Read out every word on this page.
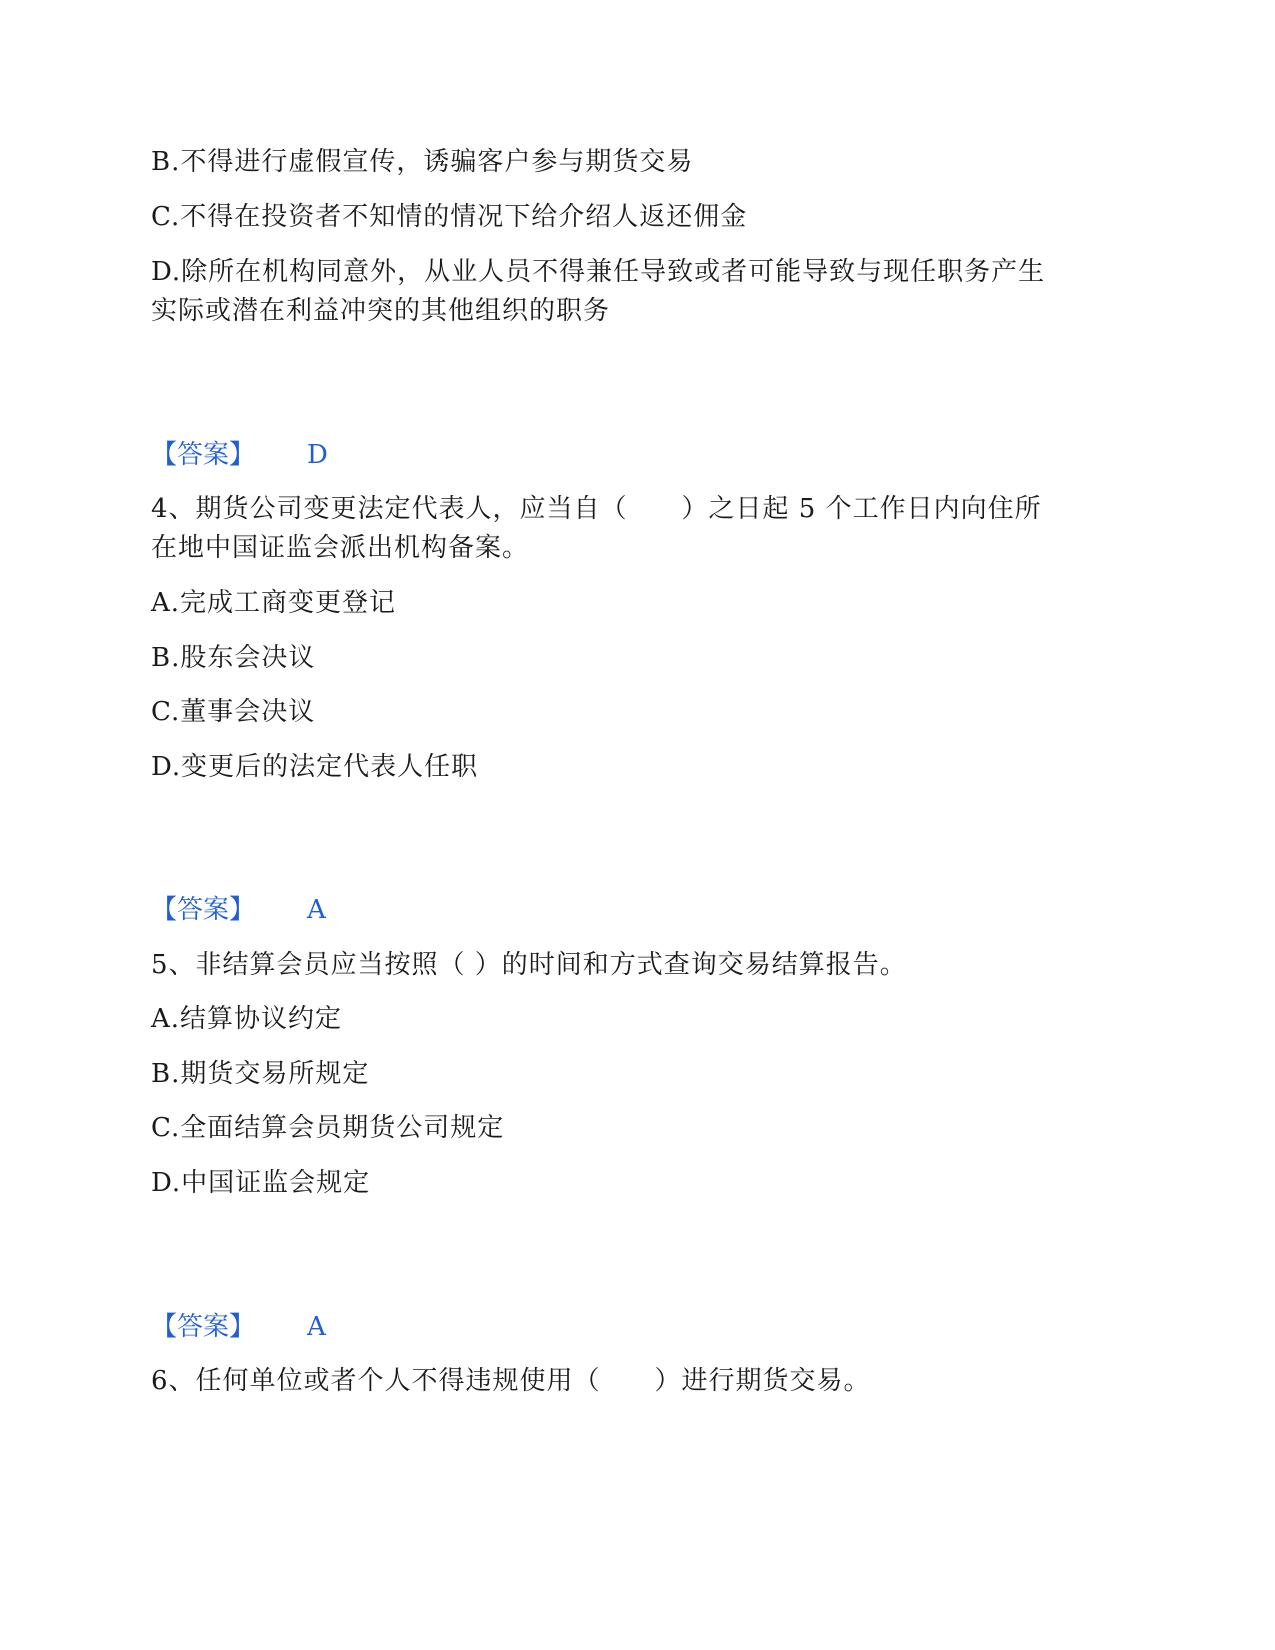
B.不得进行虚假宣传，诱骗客户参与期货交易
C.不得在投资者不知情的情况下给介绍人返还佣金
D.除所在机构同意外，从业人员不得兼任导致或者可能导致与现任职务产生
实际或潜在利益冲突的其他组织的职务
【答案】 D
4、期货公司变更法定代表人，应当自（　　）之日起 5 个工作日内向住所
在地中国证监会派出机构备案。
A.完成工商变更登记
B.股东会决议
C.董事会决议
D.变更后的法定代表人任职
【答案】 A
5、非结算会员应当按照（ ）的时间和方式查询交易结算报告。
A.结算协议约定
B.期货交易所规定
C.全面结算会员期货公司规定
D.中国证监会规定
【答案】 A
6、任何单位或者个人不得违规使用（　　）进行期货交易。
